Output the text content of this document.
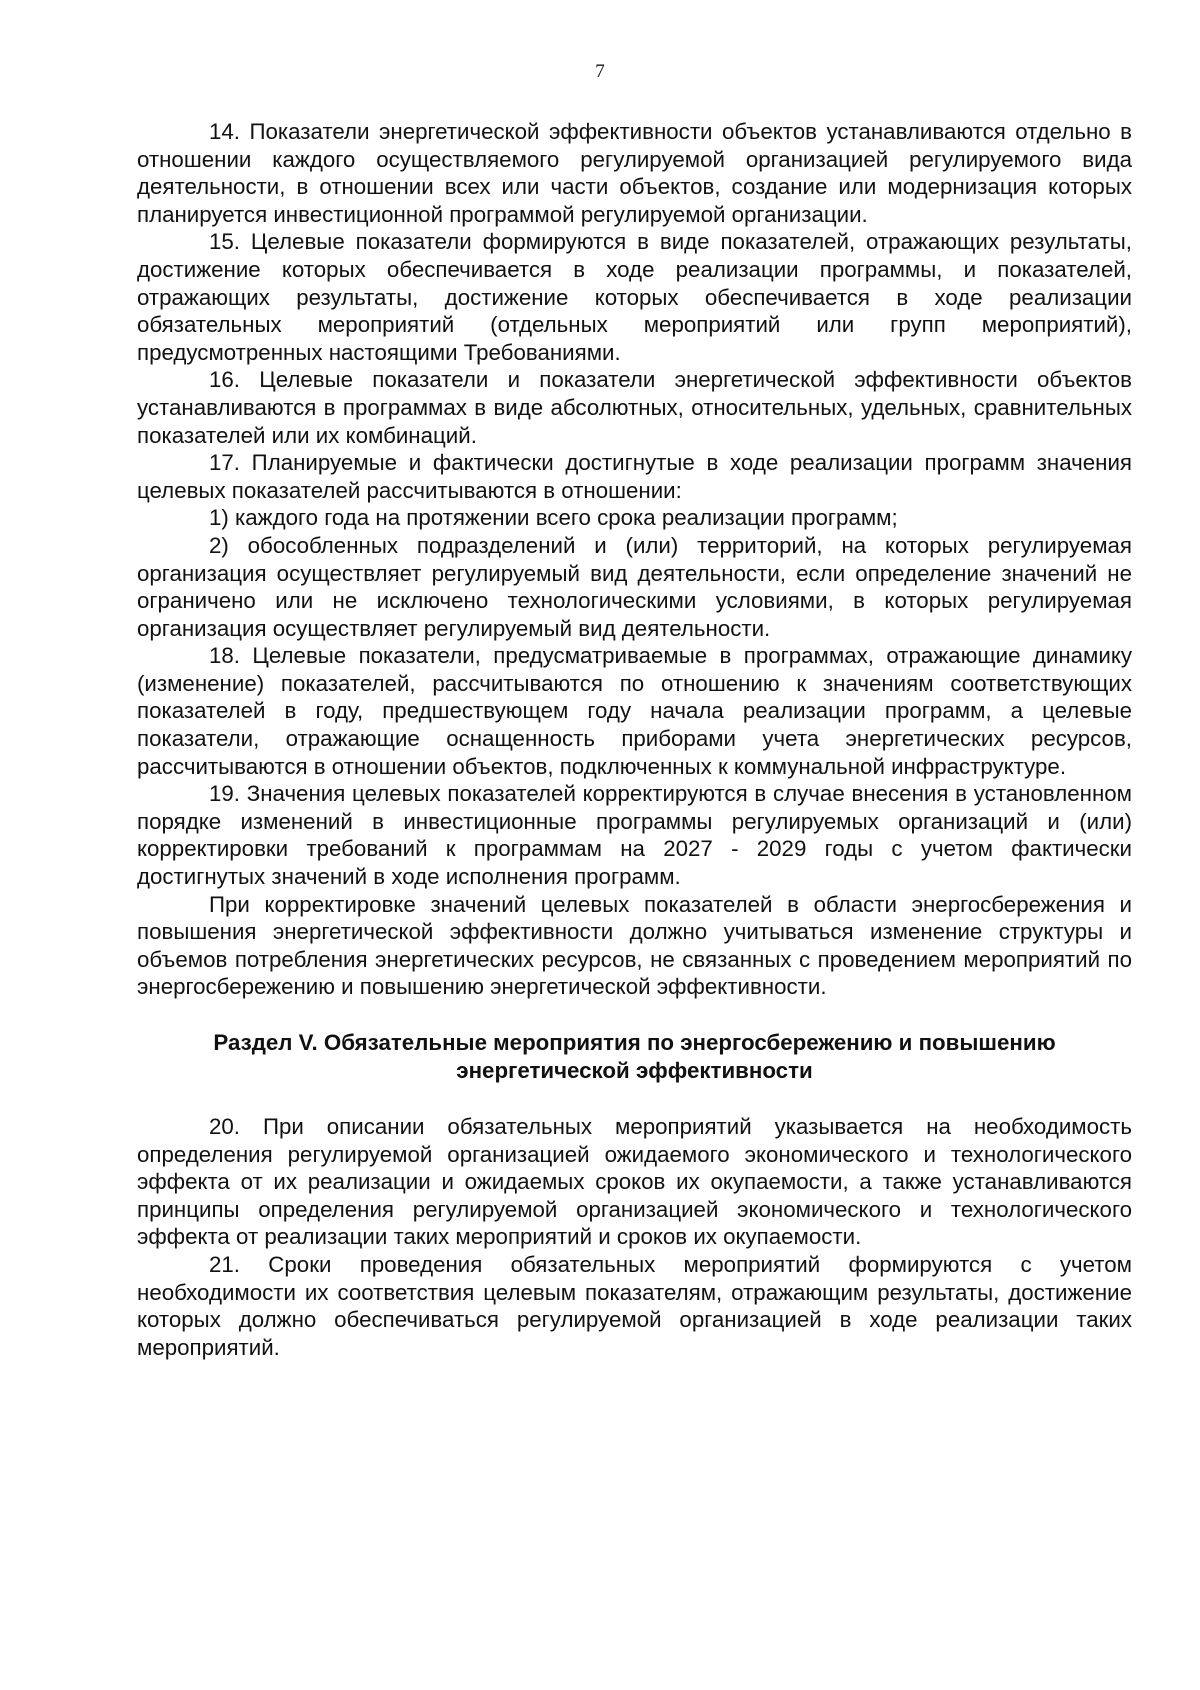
7

14. Показатели энергетической эффективности объектов устанавливаются отдельно в отношении каждого осуществляемого регулируемой организацией регулируемого вида деятельности, в отношении всех или части объектов, создание или модернизация которых планируется инвестиционной программой регулируемой организации.

15. Целевые показатели формируются в виде показателей, отражающих результаты, достижение которых обеспечивается в ходе реализации программы, и показателей, отражающих результаты, достижение которых обеспечивается в ходе реализации обязательных мероприятий (отдельных мероприятий или групп мероприятий), предусмотренных настоящими Требованиями.

16. Целевые показатели и показатели энергетической эффективности объектов устанавливаются в программах в виде абсолютных, относительных, удельных, сравнительных показателей или их комбинаций.

17. Планируемые и фактически достигнутые в ходе реализации программ значения целевых показателей рассчитываются в отношении:

1) каждого года на протяжении всего срока реализации программ;

2) обособленных подразделений и (или) территорий, на которых регулируемая организация осуществляет регулируемый вид деятельности, если определение значений не ограничено или не исключено технологическими условиями, в которых регулируемая организация осуществляет регулируемый вид деятельности.

18. Целевые показатели, предусматриваемые в программах, отражающие динамику (изменение) показателей, рассчитываются по отношению к значениям соответствующих показателей в году, предшествующем году начала реализации программ, а целевые показатели, отражающие оснащенность приборами учета энергетических ресурсов, рассчитываются в отношении объектов, подключенных к коммунальной инфраструктуре.

19. Значения целевых показателей корректируются в случае внесения в установленном порядке изменений в инвестиционные программы регулируемых организаций и (или) корректировки требований к программам на 2027 - 2029 годы с учетом фактически достигнутых значений в ходе исполнения программ.

При корректировке значений целевых показателей в области энергосбережения и повышения энергетической эффективности должно учитываться изменение структуры и объемов потребления энергетических ресурсов, не связанных с проведением мероприятий по энергосбережению и повышению энергетической эффективности.

Раздел V. Обязательные мероприятия по энергосбережению и повышению энергетической эффективности

20. При описании обязательных мероприятий указывается на необходимость определения регулируемой организацией ожидаемого экономического и технологического эффекта от их реализации и ожидаемых сроков их окупаемости, а также устанавливаются принципы определения регулируемой организацией экономического и технологического эффекта от реализации таких мероприятий и сроков их окупаемости.

21. Сроки проведения обязательных мероприятий формируются с учетом необходимости их соответствия целевым показателям, отражающим результаты, достижение которых должно обеспечиваться регулируемой организацией в ходе реализации таких мероприятий.
